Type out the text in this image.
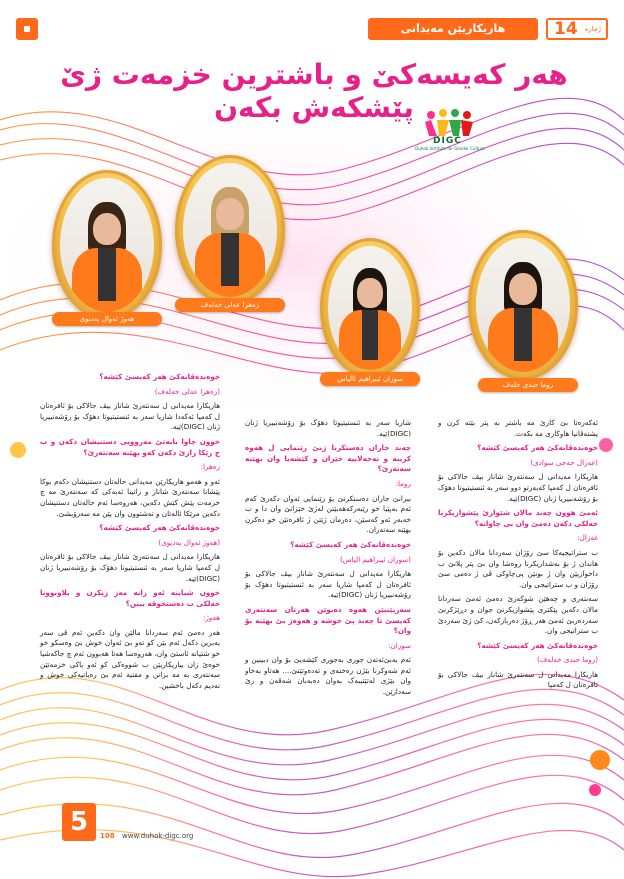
هاریکاریێن مەیدانی	14 ژمارە
هەر کەیسەکێ و باشترین خزمەت ژێ پێشکەش بکەن
DIGC
Duhok Institute for Gender Culture
هەوژ ئەوال بەدیوی
زەهرا عەلی خەلەف
سوزان ئیبراهیم ئالیاس
روما جندی خلەف

ئەکەرەتا بێ کارێ مە باشتر بە پتر بێتە کرن و پشتەڤانیا هاوکاری مە بکەت.

خوەندەڤانەکێ هەر کەیسێ کێشە؟

(غەزال حەجی سوادی)

هاریکارا مەیدانی ل سەنتەرێ شاناز بیڤ جالاکی بۆ ئافرەتان ل کەمپا کەبەرتو دوو سەر بە ئنستیتیوتا دهۆک بۆ رۆشەنبیریا ژنان (DIGC)ێیە.

ئەمێ هوون چەند مالان شێوازێ پێشوازیکرنا خەلکی دکەن دەمێ وان بی چاوانە؟

غەزال:

ب ستراتیجیەکا سێ رۆژان سەردانا مالان دکەین بۆ هاندان ژ بۆ بەشداریکرنا روەشا وان بێ پتر پلانێ ب داخوازیێن وان ژ بونێن پی‌چاوکی ڤی ژ دەمی سێ رۆژان و ب ستراتیجی وان.

سەنتەری و چەهێن شوکەزێ دەمێ ئەمێ سەردانا مالان دکەین پێکتری پێشوازیکرنێ جوان و دڕێژکرنێ سەردەربێ ئەمێ هەر ڕۆژ دەربازکەن، کێ ژێ سەردێ ب ستراتیجی وان.

خوەندەڤانەکێ هەر کەیسێ کێشە؟

(روما جندی خەلەف)

هاریکارا مەیدانی ل سەنتەرێ شاناز بیڤ جالاکی بۆ ئافرەتان ل کەمپا

شاریا سەر بە ئنستیتیوتا دهۆک بۆ رۆشەنبیریا ژنان (DIGC)ێیە.

چەند جاران دەستکرنا ژنێ رێنمایی ل هەوە کرینە و تەحەلاییە خێزان و کێشەیا وان بهێنە سەتەرێ؟

روما:

ببرانێ جاران دەستکرنێ بۆ رێنمایی ئەوان دکەرێ کەم ئەم بەپێیا خو رێبەرکەهەبێتن لەژێ خێزانێ وان دا و ب خەبەر ئەو کەسێن، دەرمان ژێتن ژ ئافرەتێن خو دەکرن بهێنە سەتەران.

خوەندەڤانەکێ هەر کەیسێ کێشە؟

(سوزان ئیبراهیم الیاس)

هاریکارا مەیدانی ل سەنتەرێ شاناز بیڤ جالاکی بۆ ئافرەتان ل کەمپا شاریا سەر بە ئنستیتیوتا دهۆک بۆ رۆشەنبیریا ژنان (DIGC)ێیە.

سەرپێنیێن هەوە دەبوێن هەرتان سەنتەری کەیسێ تا چەند پێ خوشە و هەوەژ بێ بهێنە بۆ وان؟

سوزان:

ئەم بەبێ‌ئەتەن جوری بەجوری کێشەیێ بۆ وان دبینین و ئەم شەوکرنا بێژن رەخنەی و تەدەوتێنێ.... هەتاو بەخاو وان بێژی لەتێتیبەک بەوان دەبەبان شەڤەن و رێ سەدازێن.

خوەندەڤانەکێ هەر کەیسێ کێشە؟

(زەهرا عەلی خەلەف)

هاریکارا مەیدانی ل سەنتەرێ شاناز بیڤ جالاکی بۆ ئافرەتان ل کەمپا ئەکەدا شاریا سەر بە ئنستیتیوتا دهۆک بۆ رۆشەنبیریا ژنان (DIGC)ێیە.

خوون چاوا بابەتێ مەروویی دستنیشان دکەن و ب ج رێکا رازێ دکەن کەو بهێنە سەنتەرێ؟

زەهرا:

ئەو و هەمو هاریکارێن مەیدانی حالەتان دستنیشان دکەم بوکا پێشانا سەنتەرێ شاناز و راتینا ئەبەکی کە سەنتەرێ مە چ خزمەت پێش کێش دکەین، هەروەسا ئەم حالەتان دستنیشان دکەین مرێکا ئالەتان و تەشتوون وان یێن مە سەرۆیشێ.

خوەندەڤانەکێ هەر کەیسێ کێشە؟

(هەوژ ئەوال بەدیوی)

هاریکارا مەیدانی ل سەنتەرێ شاناز بیڤ جالاکی بۆ ئافرەتان ل کەمپا شاریا سەر بە ئنستیتیوتا دهۆک بۆ رۆشەنبیریا ژنان (DIGC)ێیە.

خوون شیاینە ئەو زانە مەژ ژیکرن و بلاوبوونا خەلکی ب دەستخوڤە بینن؟

هەوژ:

هەر دەمێ ئەم سەردانا مالێن وان دکەین ئەم ڤی سەر بەبرین دکەل ئەم بێن کو تەو بێ ئەوان خوش بێ وەسکو خو خو شتیانە ئاستێ وان، هەروەسا هەتا هەبوون ئەم چ جاکەشیا خوه‌ێ زان بیاریکاریێن ب شووەکی کو ئەو یاکی خزمەتێن سەنتەری بە مە بزانن و مقتیە ئەم بێ رەیاتیەکی خوش و نەدیم دکەل باخشین.

5	108 www.duhok-digc.org
